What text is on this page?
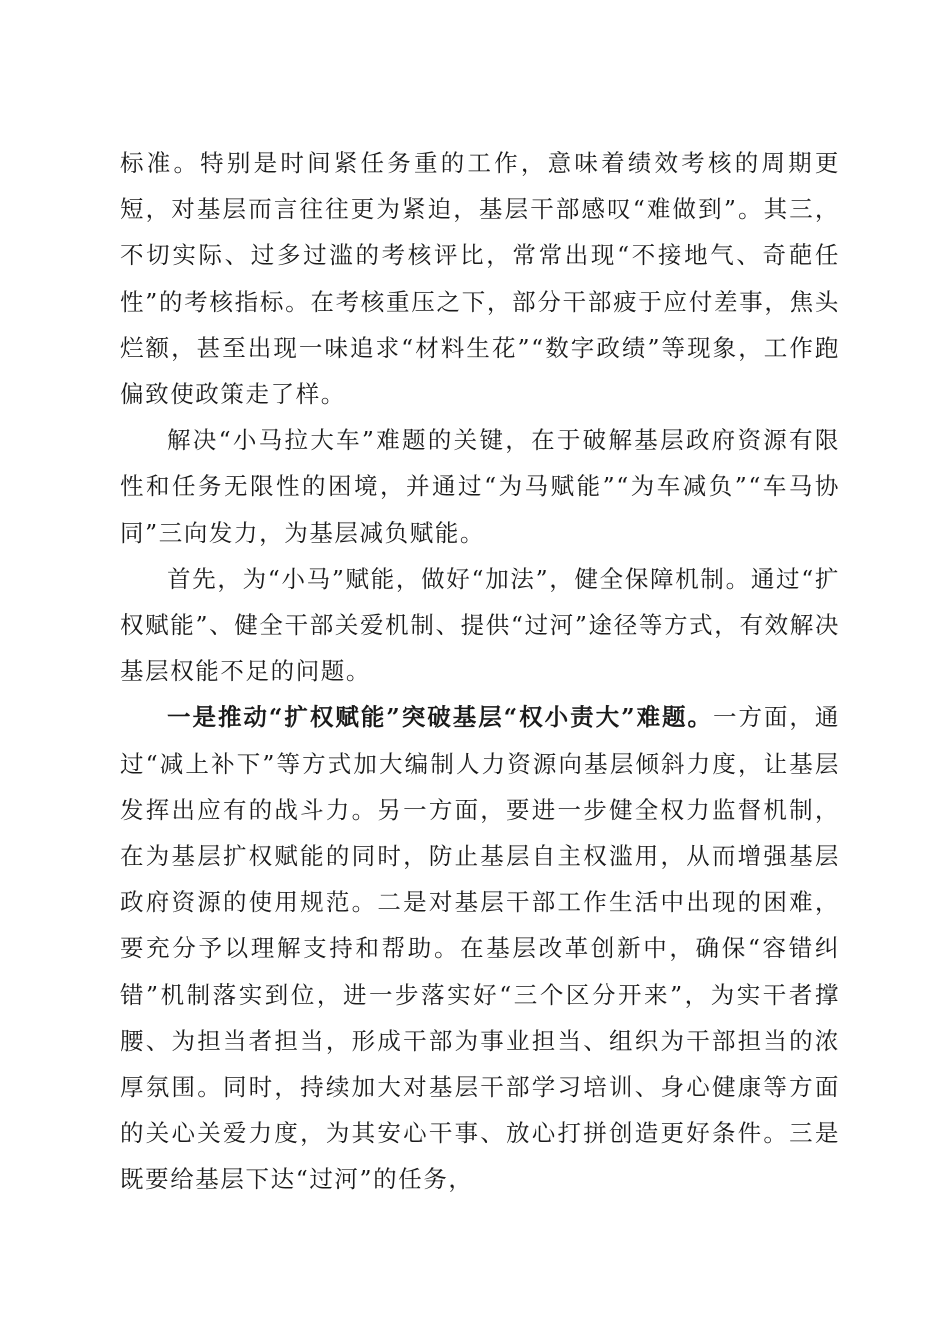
标准。特别是时间紧任务重的工作，意味着绩效考核的周期更短，对基层而言往往更为紧迫，基层干部感叹“难做到”。其三，不切实际、过多过滥的考核评比，常常出现“不接地气、奇葩任性”的考核指标。在考核重压之下，部分干部疲于应付差事，焦头烂额，甚至出现一味追求“材料生花”“数字政绩”等现象，工作跑偏致使政策走了样。

解决“小马拉大车”难题的关键，在于破解基层政府资源有限性和任务无限性的困境，并通过“为马赋能”“为车减负”“车马协同”三向发力，为基层减负赋能。

首先，为“小马”赋能，做好“加法”，健全保障机制。通过“扩权赋能”、健全干部关爱机制、提供“过河”途径等方式，有效解决基层权能不足的问题。

一是推动“扩权赋能”突破基层“权小责大”难题。一方面，通过“减上补下”等方式加大编制人力资源向基层倾斜力度，让基层发挥出应有的战斗力。另一方面，要进一步健全权力监督机制，在为基层扩权赋能的同时，防止基层自主权滥用，从而增强基层政府资源的使用规范。二是对基层干部工作生活中出现的困难，要充分予以理解支持和帮助。在基层改革创新中，确保“容错纠错”机制落实到位，进一步落实好“三个区分开来”，为实干者撑腰、为担当者担当，形成干部为事业担当、组织为干部担当的浓厚氛围。同时，持续加大对基层干部学习培训、身心健康等方面的关心关爱力度，为其安心干事、放心打拼创造更好条件。三是既要给基层下达“过河”的任务，
